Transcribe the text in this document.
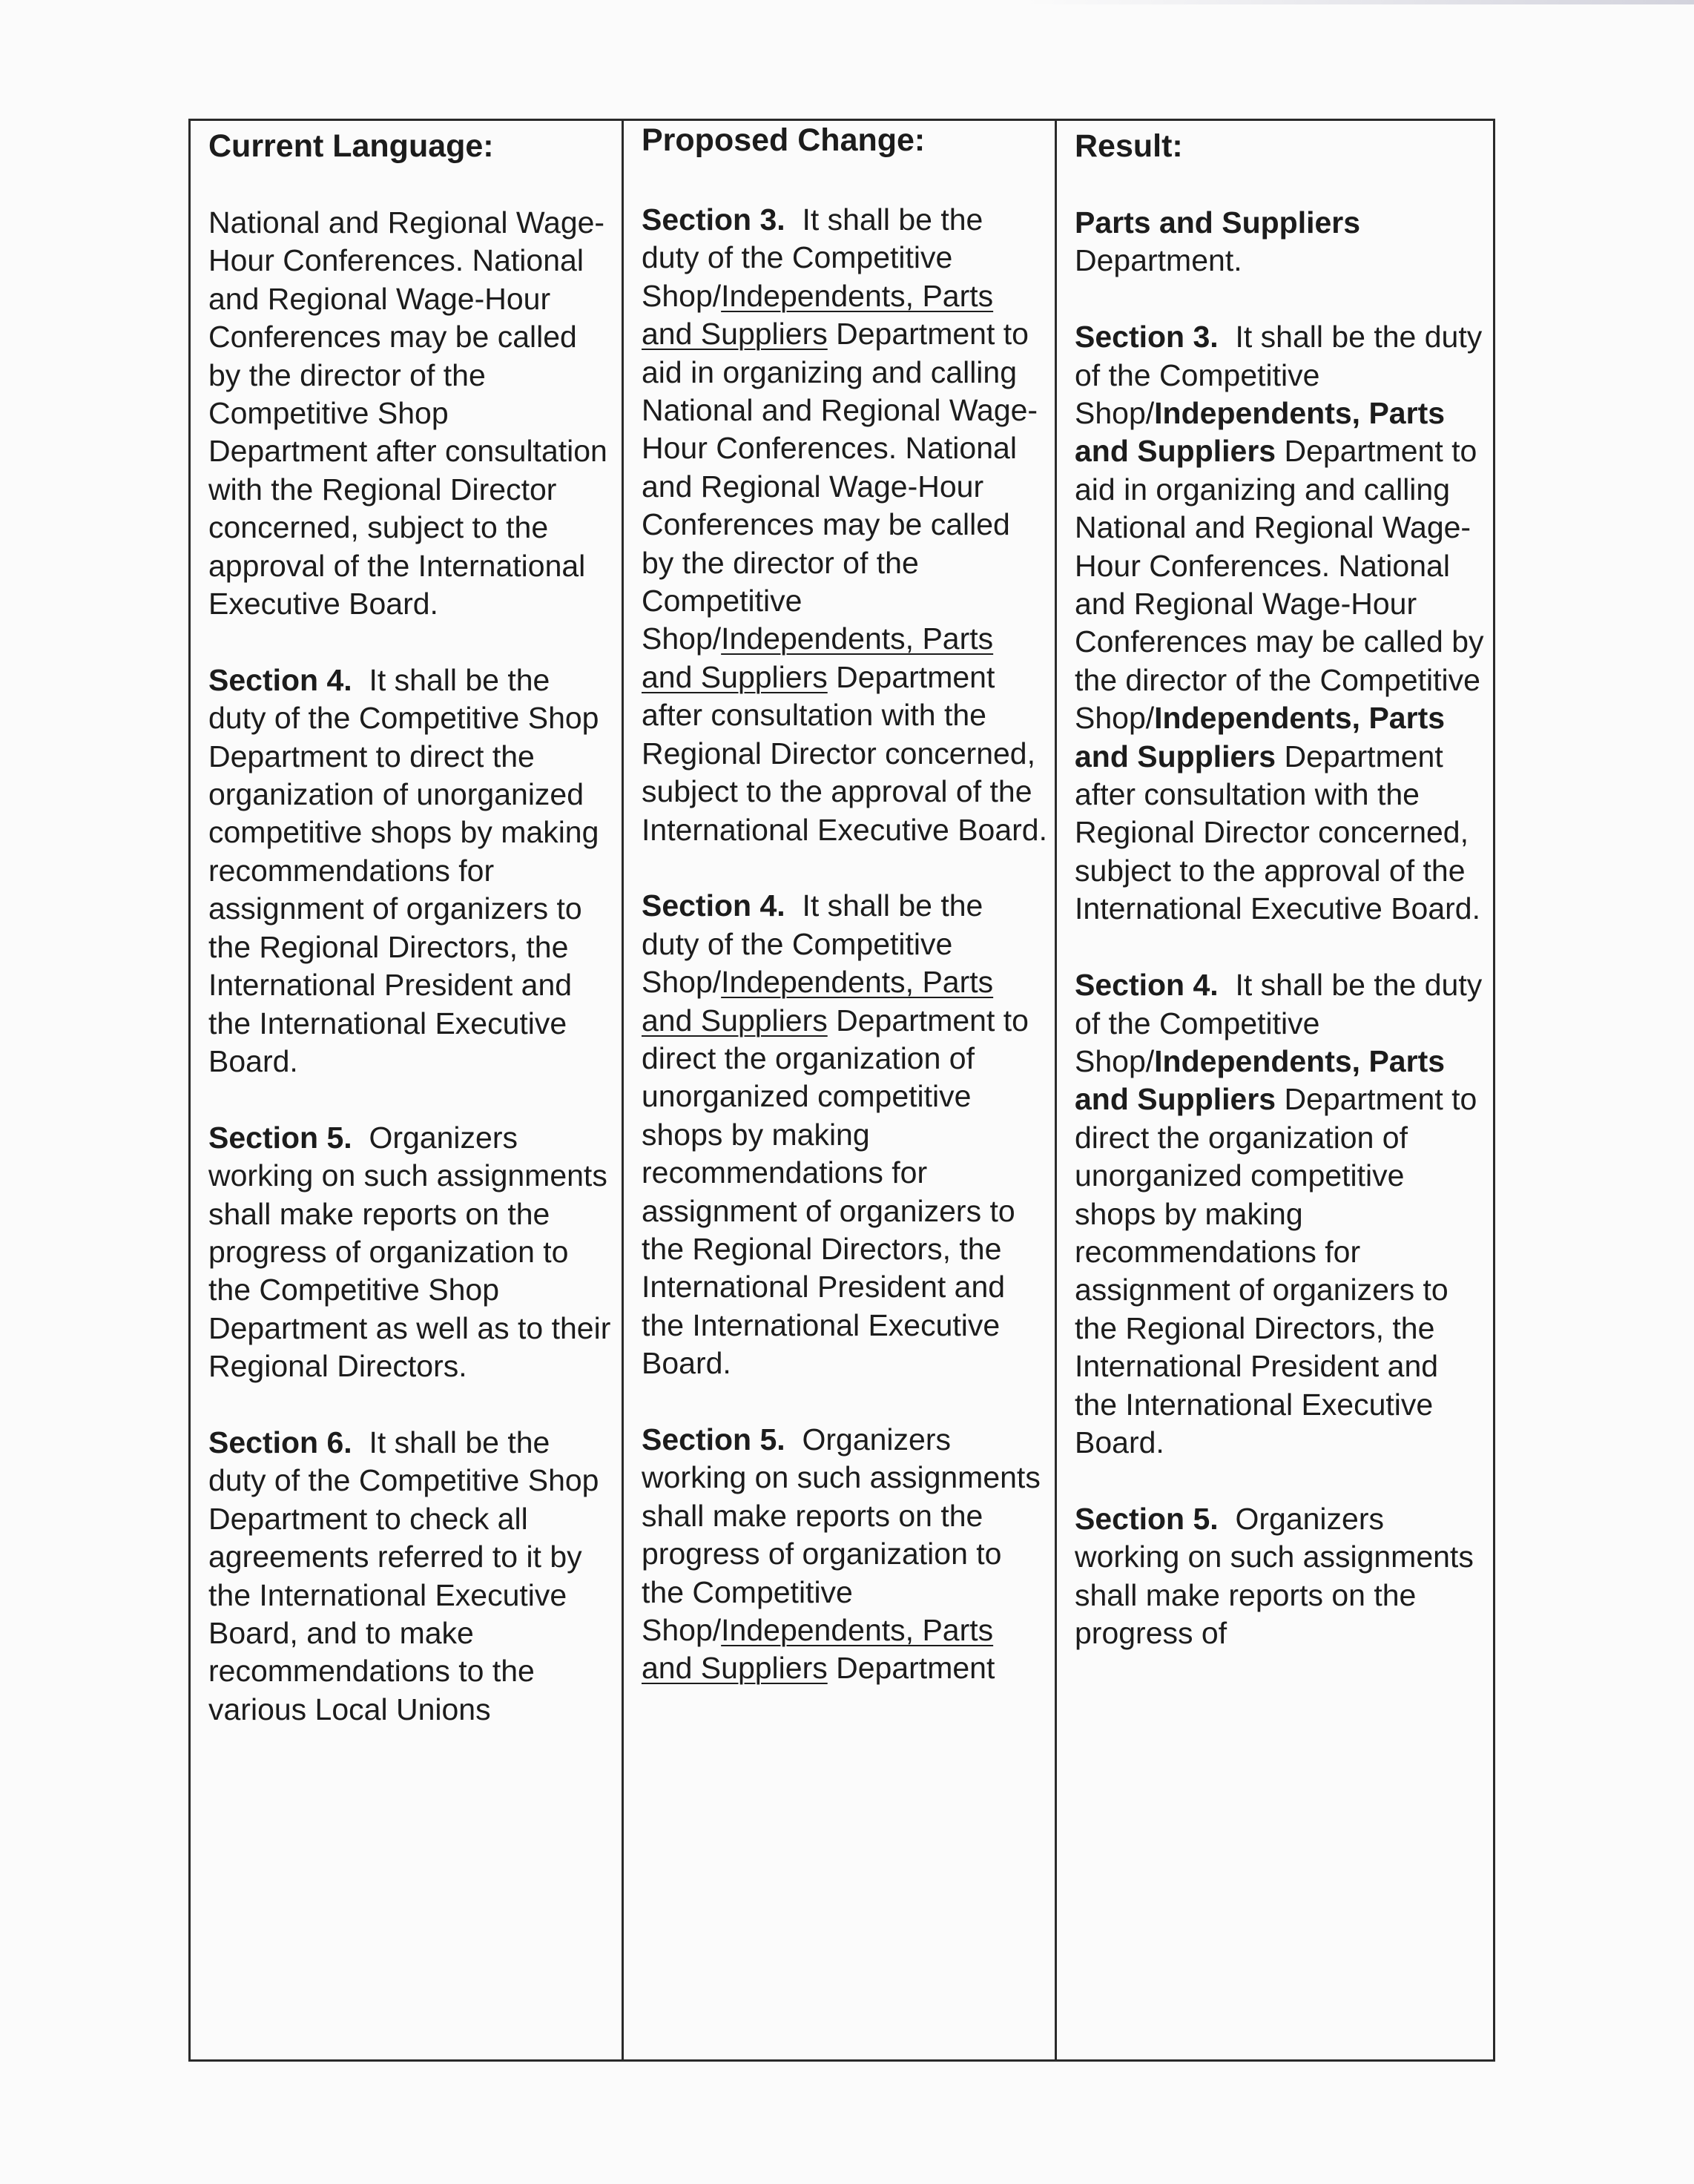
Current Language:

National and Regional Wage-Hour Conferences. National and Regional Wage-Hour Conferences may be called by the director of the Competitive Shop Department after consultation with the Regional Director concerned, subject to the approval of the International Executive Board.

Section 4. It shall be the duty of the Competitive Shop Department to direct the organization of unorganized competitive shops by making recommendations for assignment of organizers to the Regional Directors, the International President and the International Executive Board.

Section 5. Organizers working on such assignments shall make reports on the progress of organization to the Competitive Shop Department as well as to their Regional Directors.

Section 6. It shall be the duty of the Competitive Shop Department to check all agreements referred to it by the International Executive Board, and to make recommendations to the various Local Unions

Proposed Change:

Section 3. It shall be the duty of the Competitive Shop/Independents, Parts and Suppliers Department to aid in organizing and calling National and Regional Wage-Hour Conferences. National and Regional Wage-Hour Conferences may be called by the director of the Competitive Shop/Independents, Parts and Suppliers Department after consultation with the Regional Director concerned, subject to the approval of the International Executive Board.

Section 4. It shall be the duty of the Competitive Shop/Independents, Parts and Suppliers Department to direct the organization of unorganized competitive shops by making recommendations for assignment of organizers to the Regional Directors, the International President and the International Executive Board.

Section 5. Organizers working on such assignments shall make reports on the progress of organization to the Competitive Shop/Independents, Parts and Suppliers Department

Result:

Parts and Suppliers Department.

Section 3. It shall be the duty of the Competitive Shop/Independents, Parts and Suppliers Department to aid in organizing and calling National and Regional Wage-Hour Conferences. National and Regional Wage-Hour Conferences may be called by the director of the Competitive Shop/Independents, Parts and Suppliers Department after consultation with the Regional Director concerned, subject to the approval of the International Executive Board.

Section 4. It shall be the duty of the Competitive Shop/Independents, Parts and Suppliers Department to direct the organization of unorganized competitive shops by making recommendations for assignment of organizers to the Regional Directors, the International President and the International Executive Board.

Section 5. Organizers working on such assignments shall make reports on the progress of
